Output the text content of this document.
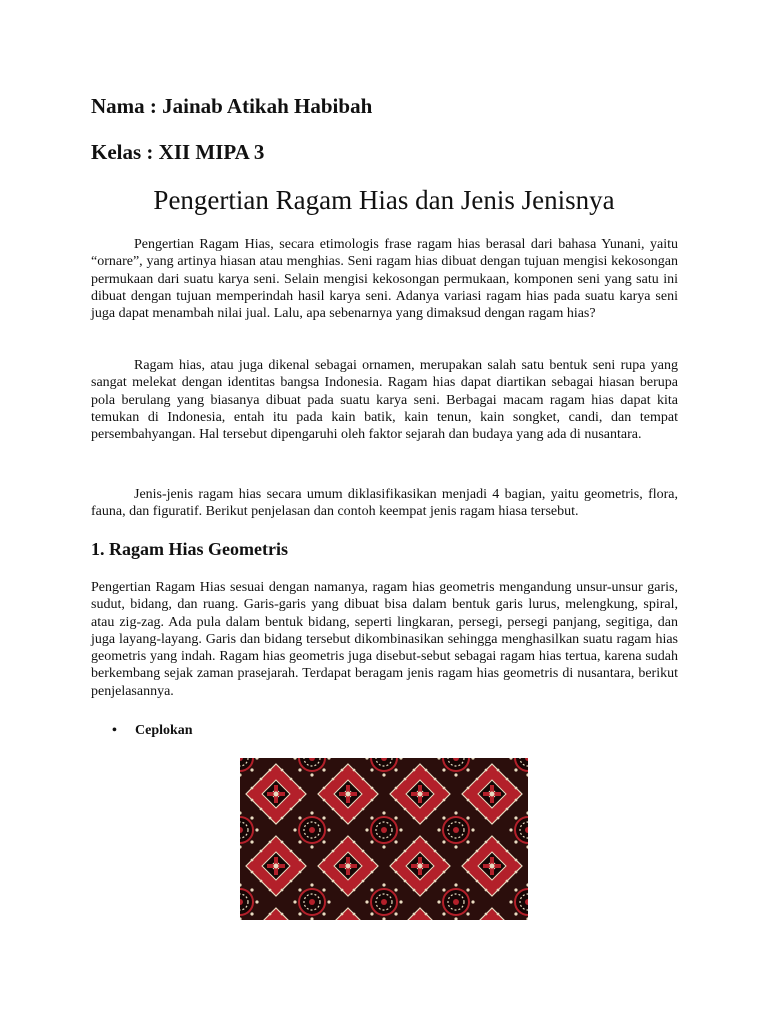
Nama : Jainab Atikah Habibah

Kelas : XII MIPA 3

Pengertian Ragam Hias dan Jenis Jenisnya

Pengertian Ragam Hias, secara etimologis frase ragam hias berasal dari bahasa Yunani, yaitu “ornare”, yang artinya hiasan atau menghias. Seni ragam hias dibuat dengan tujuan mengisi kekosongan permukaan dari suatu karya seni. Selain mengisi kekosongan permukaan, komponen seni yang satu ini dibuat dengan tujuan memperindah hasil karya seni. Adanya variasi ragam hias pada suatu karya seni juga dapat menambah nilai jual. Lalu, apa sebenarnya yang dimaksud dengan ragam hias?

Ragam hias, atau juga dikenal sebagai ornamen, merupakan salah satu bentuk seni rupa yang sangat melekat dengan identitas bangsa Indonesia. Ragam hias dapat diartikan sebagai hiasan berupa pola berulang yang biasanya dibuat pada suatu karya seni. Berbagai macam ragam hias dapat kita temukan di Indonesia, entah itu pada kain batik, kain tenun, kain songket, candi, dan tempat persembahyangan. Hal tersebut dipengaruhi oleh faktor sejarah dan budaya yang ada di nusantara.

Jenis-jenis ragam hias secara umum diklasifikasikan menjadi 4 bagian, yaitu geometris, flora, fauna, dan figuratif. Berikut penjelasan dan contoh keempat jenis ragam hiasa tersebut.

1. Ragam Hias Geometris

Pengertian Ragam Hias sesuai dengan namanya, ragam hias geometris mengandung unsur-unsur garis, sudut, bidang, dan ruang. Garis-garis yang dibuat bisa dalam bentuk garis lurus, melengkung, spiral, atau zig-zag. Ada pula dalam bentuk bidang, seperti lingkaran, persegi, persegi panjang, segitiga, dan juga layang-layang. Garis dan bidang tersebut dikombinasikan sehingga menghasilkan suatu ragam hias geometris yang indah. Ragam hias geometris juga disebut-sebut sebagai ragam hias tertua, karena sudah berkembang sejak zaman prasejarah. Terdapat beragam jenis ragam hias geometris di nusantara, berikut penjelasannya.

• Ceplokan
